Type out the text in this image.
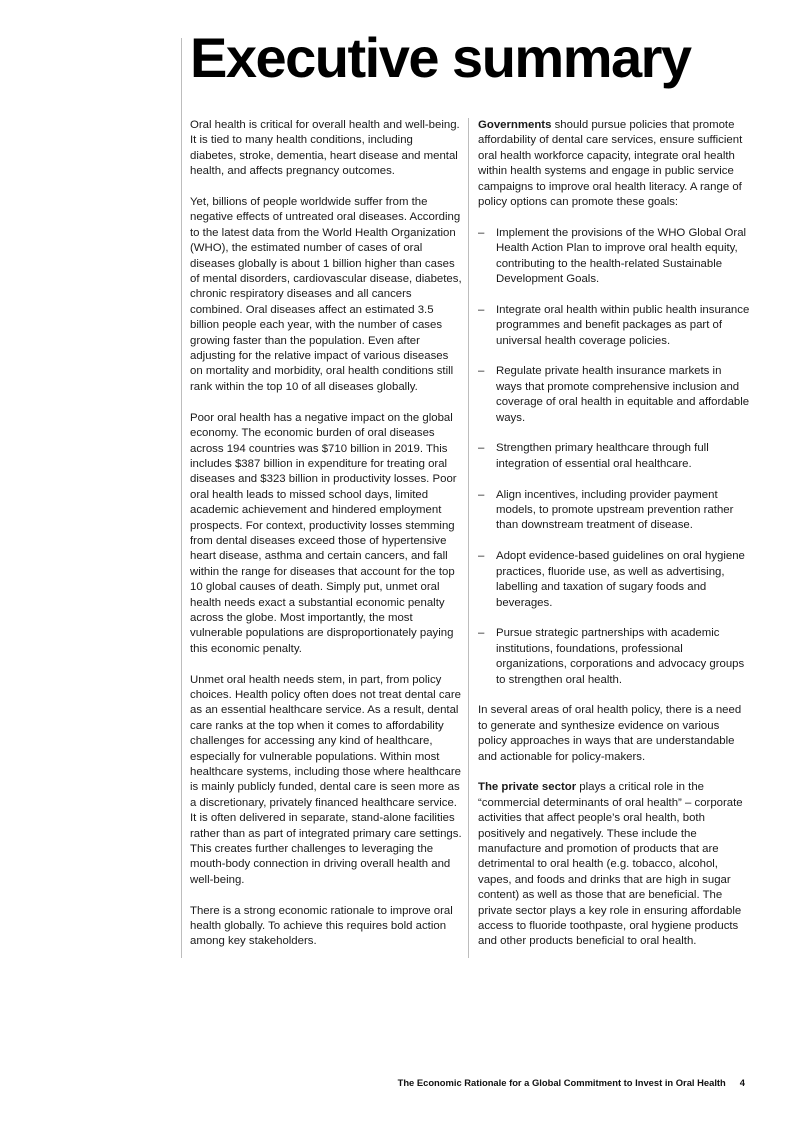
Executive summary

Oral health is critical for overall health and well-being. It is tied to many health conditions, including diabetes, stroke, dementia, heart disease and mental health, and affects pregnancy outcomes.

Yet, billions of people worldwide suffer from the negative effects of untreated oral diseases. According to the latest data from the World Health Organization (WHO), the estimated number of cases of oral diseases globally is about 1 billion higher than cases of mental disorders, cardiovascular disease, diabetes, chronic respiratory diseases and all cancers combined. Oral diseases affect an estimated 3.5 billion people each year, with the number of cases growing faster than the population. Even after adjusting for the relative impact of various diseases on mortality and morbidity, oral health conditions still rank within the top 10 of all diseases globally.

Poor oral health has a negative impact on the global economy. The economic burden of oral diseases across 194 countries was $710 billion in 2019. This includes $387 billion in expenditure for treating oral diseases and $323 billion in productivity losses. Poor oral health leads to missed school days, limited academic achievement and hindered employment prospects. For context, productivity losses stemming from dental diseases exceed those of hypertensive heart disease, asthma and certain cancers, and fall within the range for diseases that account for the top 10 global causes of death. Simply put, unmet oral health needs exact a substantial economic penalty across the globe. Most importantly, the most vulnerable populations are disproportionately paying this economic penalty.

Unmet oral health needs stem, in part, from policy choices. Health policy often does not treat dental care as an essential healthcare service. As a result, dental care ranks at the top when it comes to affordability challenges for accessing any kind of healthcare, especially for vulnerable populations. Within most healthcare systems, including those where healthcare is mainly publicly funded, dental care is seen more as a discretionary, privately financed healthcare service. It is often delivered in separate, stand-alone facilities rather than as part of integrated primary care settings. This creates further challenges to leveraging the mouth-body connection in driving overall health and well-being.

There is a strong economic rationale to improve oral health globally. To achieve this requires bold action among key stakeholders.

Governments should pursue policies that promote affordability of dental care services, ensure sufficient oral health workforce capacity, integrate oral health within health systems and engage in public service campaigns to improve oral health literacy. A range of policy options can promote these goals:

– Implement the provisions of the WHO Global Oral Health Action Plan to improve oral health equity, contributing to the health-related Sustainable Development Goals.
– Integrate oral health within public health insurance programmes and benefit packages as part of universal health coverage policies.
– Regulate private health insurance markets in ways that promote comprehensive inclusion and coverage of oral health in equitable and affordable ways.
– Strengthen primary healthcare through full integration of essential oral healthcare.
– Align incentives, including provider payment models, to promote upstream prevention rather than downstream treatment of disease.
– Adopt evidence-based guidelines on oral hygiene practices, fluoride use, as well as advertising, labelling and taxation of sugary foods and beverages.
– Pursue strategic partnerships with academic institutions, foundations, professional organizations, corporations and advocacy groups to strengthen oral health.

In several areas of oral health policy, there is a need to generate and synthesize evidence on various policy approaches in ways that are understandable and actionable for policy-makers.

The private sector plays a critical role in the “commercial determinants of oral health” – corporate activities that affect people’s oral health, both positively and negatively. These include the manufacture and promotion of products that are detrimental to oral health (e.g. tobacco, alcohol, vapes, and foods and drinks that are high in sugar content) as well as those that are beneficial. The private sector plays a key role in ensuring affordable access to fluoride toothpaste, oral hygiene products and other products beneficial to oral health.

The Economic Rationale for a Global Commitment to Invest in Oral Health 4
